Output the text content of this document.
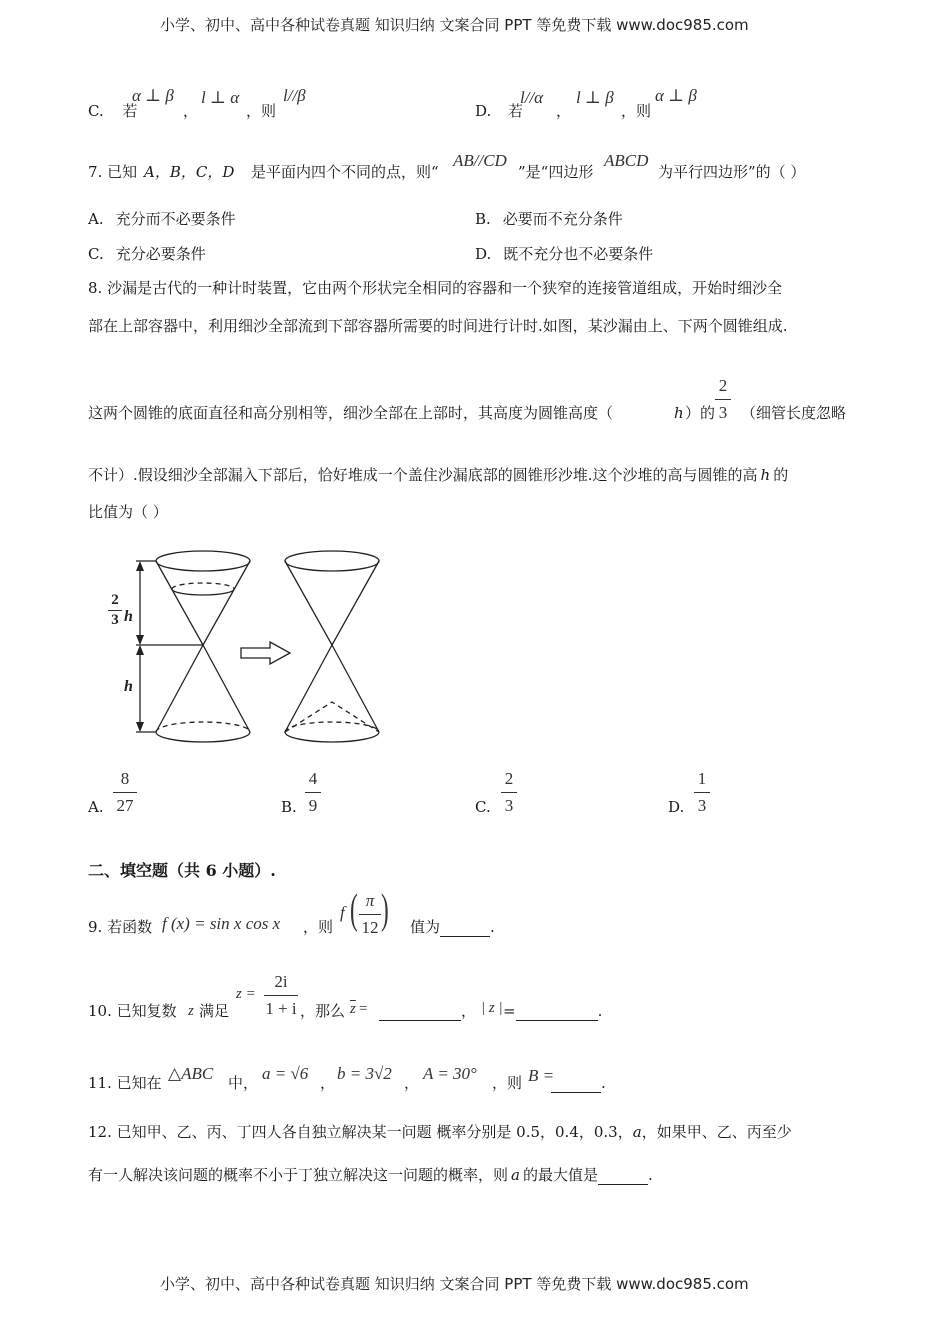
小学、初中、高中各种试卷真题 知识归纳 文案合同 PPT 等免费下载 www.doc985.com
C. 若
α ⊥ β
，
l ⊥ α
，则
l//β
D. 若
l//α
，
l ⊥ β
，则
α ⊥ β
7. 已知 A，B，C，D 是平面内四个不同的点，则“
AB//CD
”是“四边形
ABCD
为平行四边形”的（ ）
A. 充分而不必要条件	B. 必要而不充分条件
C. 充分必要条件	D. 既不充分也不必要条件
8. 沙漏是古代的一种计时装置，它由两个形状完全相同的容器和一个狭窄的连接管道组成，开始时细沙全
部在上部容器中，利用细沙全部流到下部容器所需要的时间进行计时.如图，某沙漏由上、下两个圆锥组成.
这两个圆锥的底面直径和高分别相等，细沙全部在上部时，其高度为圆锥高度（	h ）的
2
3 （细管长度忽略
不计）.假设细沙全部漏入下部后，恰好堆成一个盖住沙漏底部的圆锥形沙堆.这个沙堆的高与圆锥的高 h 的
比值为（ ）
2
3 h
h
A.
8
27	B.
4
9	C.
2
3	D.
1
3
二、填空题（共 6 小题）.
9. 若函数 f (x) = sin x cos x ，则
f ( π
12 ) 值为	.
10. 已知复数 z 满足
z =
2i
1 + i ，那么 $\overline{z}$ =	， | z | =	.
11. 已知在 △ABC 中， a = √6 ， b = 3√2 ， A = 30° ，则 B =	.
12. 已知甲、乙、丙、丁四人各自独立解决某一问题 概率分别是 0.5，0.4，0.3，a，如果甲、乙、丙至少
有一人解决该问题的概率不小于丁独立解决这一问题的概率，则 a 的最大值是	.
小学、初中、高中各种试卷真题 知识归纳 文案合同 PPT 等免费下载 www.doc985.com
